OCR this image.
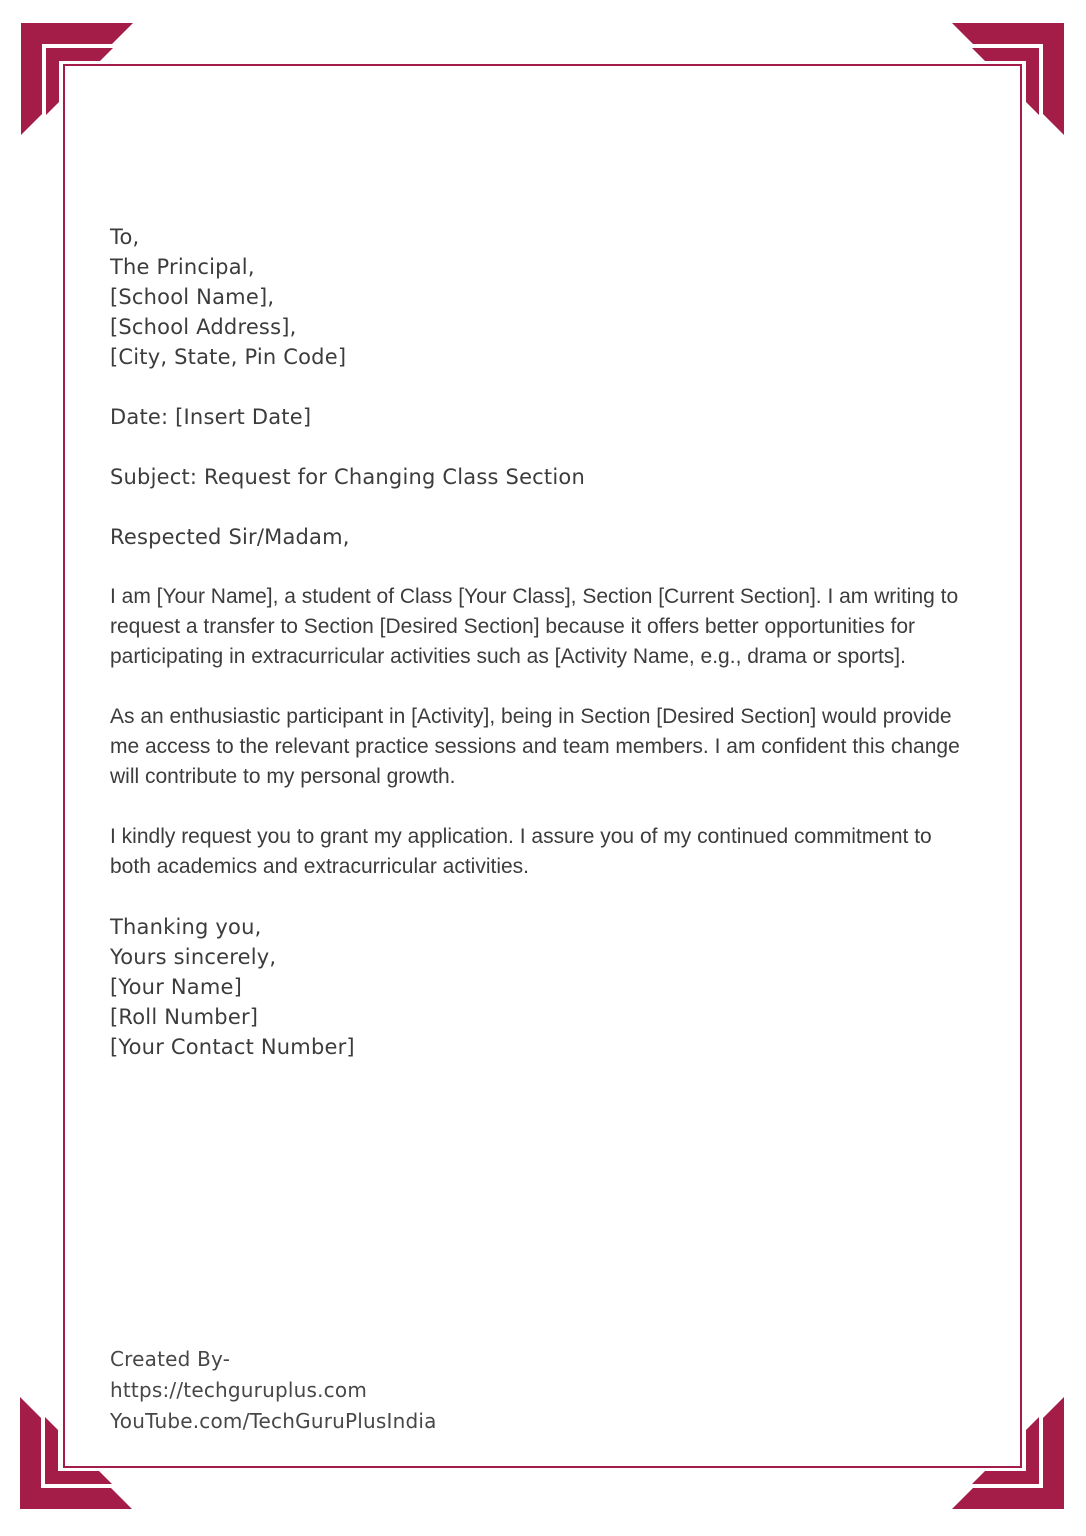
To,
The Principal,
[School Name],
[School Address],
[City, State, Pin Code]
Date: [Insert Date]
Subject: Request for Changing Class Section
Respected Sir/Madam,

I am [Your Name], a student of Class [Your Class], Section [Current Section]. I am writing to request a transfer to Section [Desired Section] because it offers better opportunities for participating in extracurricular activities such as [Activity Name, e.g., drama or sports].

As an enthusiastic participant in [Activity], being in Section [Desired Section] would provide me access to the relevant practice sessions and team members. I am confident this change will contribute to my personal growth.

I kindly request you to grant my application. I assure you of my continued commitment to both academics and extracurricular activities.

Thanking you,
Yours sincerely,
[Your Name]
[Roll Number]
[Your Contact Number]
Created By-
https://techguruplus.com
YouTube.com/TechGuruPlusIndia
